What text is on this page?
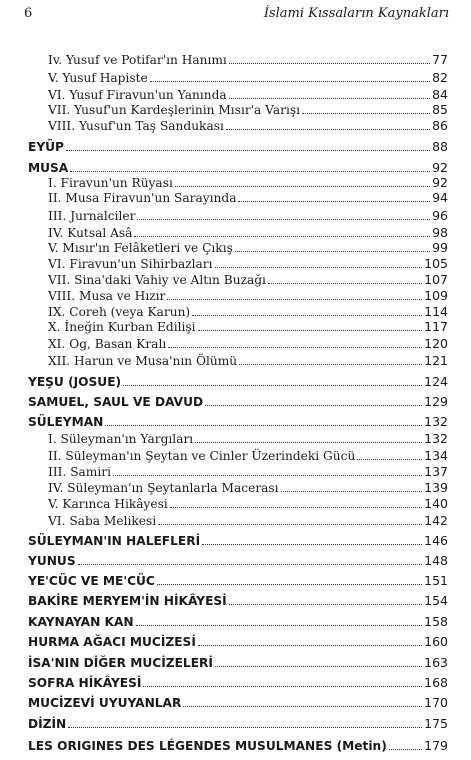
6	İslami Kıssaların Kaynakları
Iv. Yusuf ve Potifar'ın Hanımı	77
V. Yusuf Hapiste	82
VI. Yusuf Firavun'un Yanında	84
VII. Yusuf'un Kardeşlerinin Mısır'a Varışı	85
VIII. Yusuf'un Taş Sandukası	86
EYÜP	88
MUSA	92
I. Firavun'un Rüyası	92
II. Musa Firavun'un Sarayında	94
III. Jurnalciler	96
IV. Kutsal Asâ	98
V. Mısır'ın Felâketleri ve Çıkış	99
VI. Firavun'un Sihirbazları	105
VII. Sina'daki Vahiy ve Altın Buzağı	107
VIII. Musa ve Hızır	109
IX. Coreh (veya Karun)	114
X. İneğin Kurban Edilişi	117
XI. Og, Basan Kralı	120
XII. Harun ve Musa'nın Ölümü	121
YEŞU (JOSUE)	124
SAMUEL, SAUL VE DAVUD	129
SÜLEYMAN	132
I. Süleyman'ın Yargıları	132
II. Süleyman'ın Şeytan ve Cinler Üzerindeki Gücü	134
III. Samiri	137
IV. Süleyman'ın Şeytanlarla Macerası	139
V. Karınca Hikâyesi	140
VI. Saba Melikesi	142
SÜLEYMAN'IN HALEFLERİ	146
YUNUS	148
YE'CÜC VE ME'CÜC	151
BAKİRE MERYEM'İN HİKÂYESİ	154
KAYNAYAN KAN	158
HURMA AĞACI MUCİZESİ	160
İSA'NIN DİĞER MUCİZELERİ	163
SOFRA HİKÂYESİ	168
MUCİZEVİ UYUYANLAR	170
DİZİN	175
LES ORIGINES DES LÉGENDES MUSULMANES (Metin)	179
